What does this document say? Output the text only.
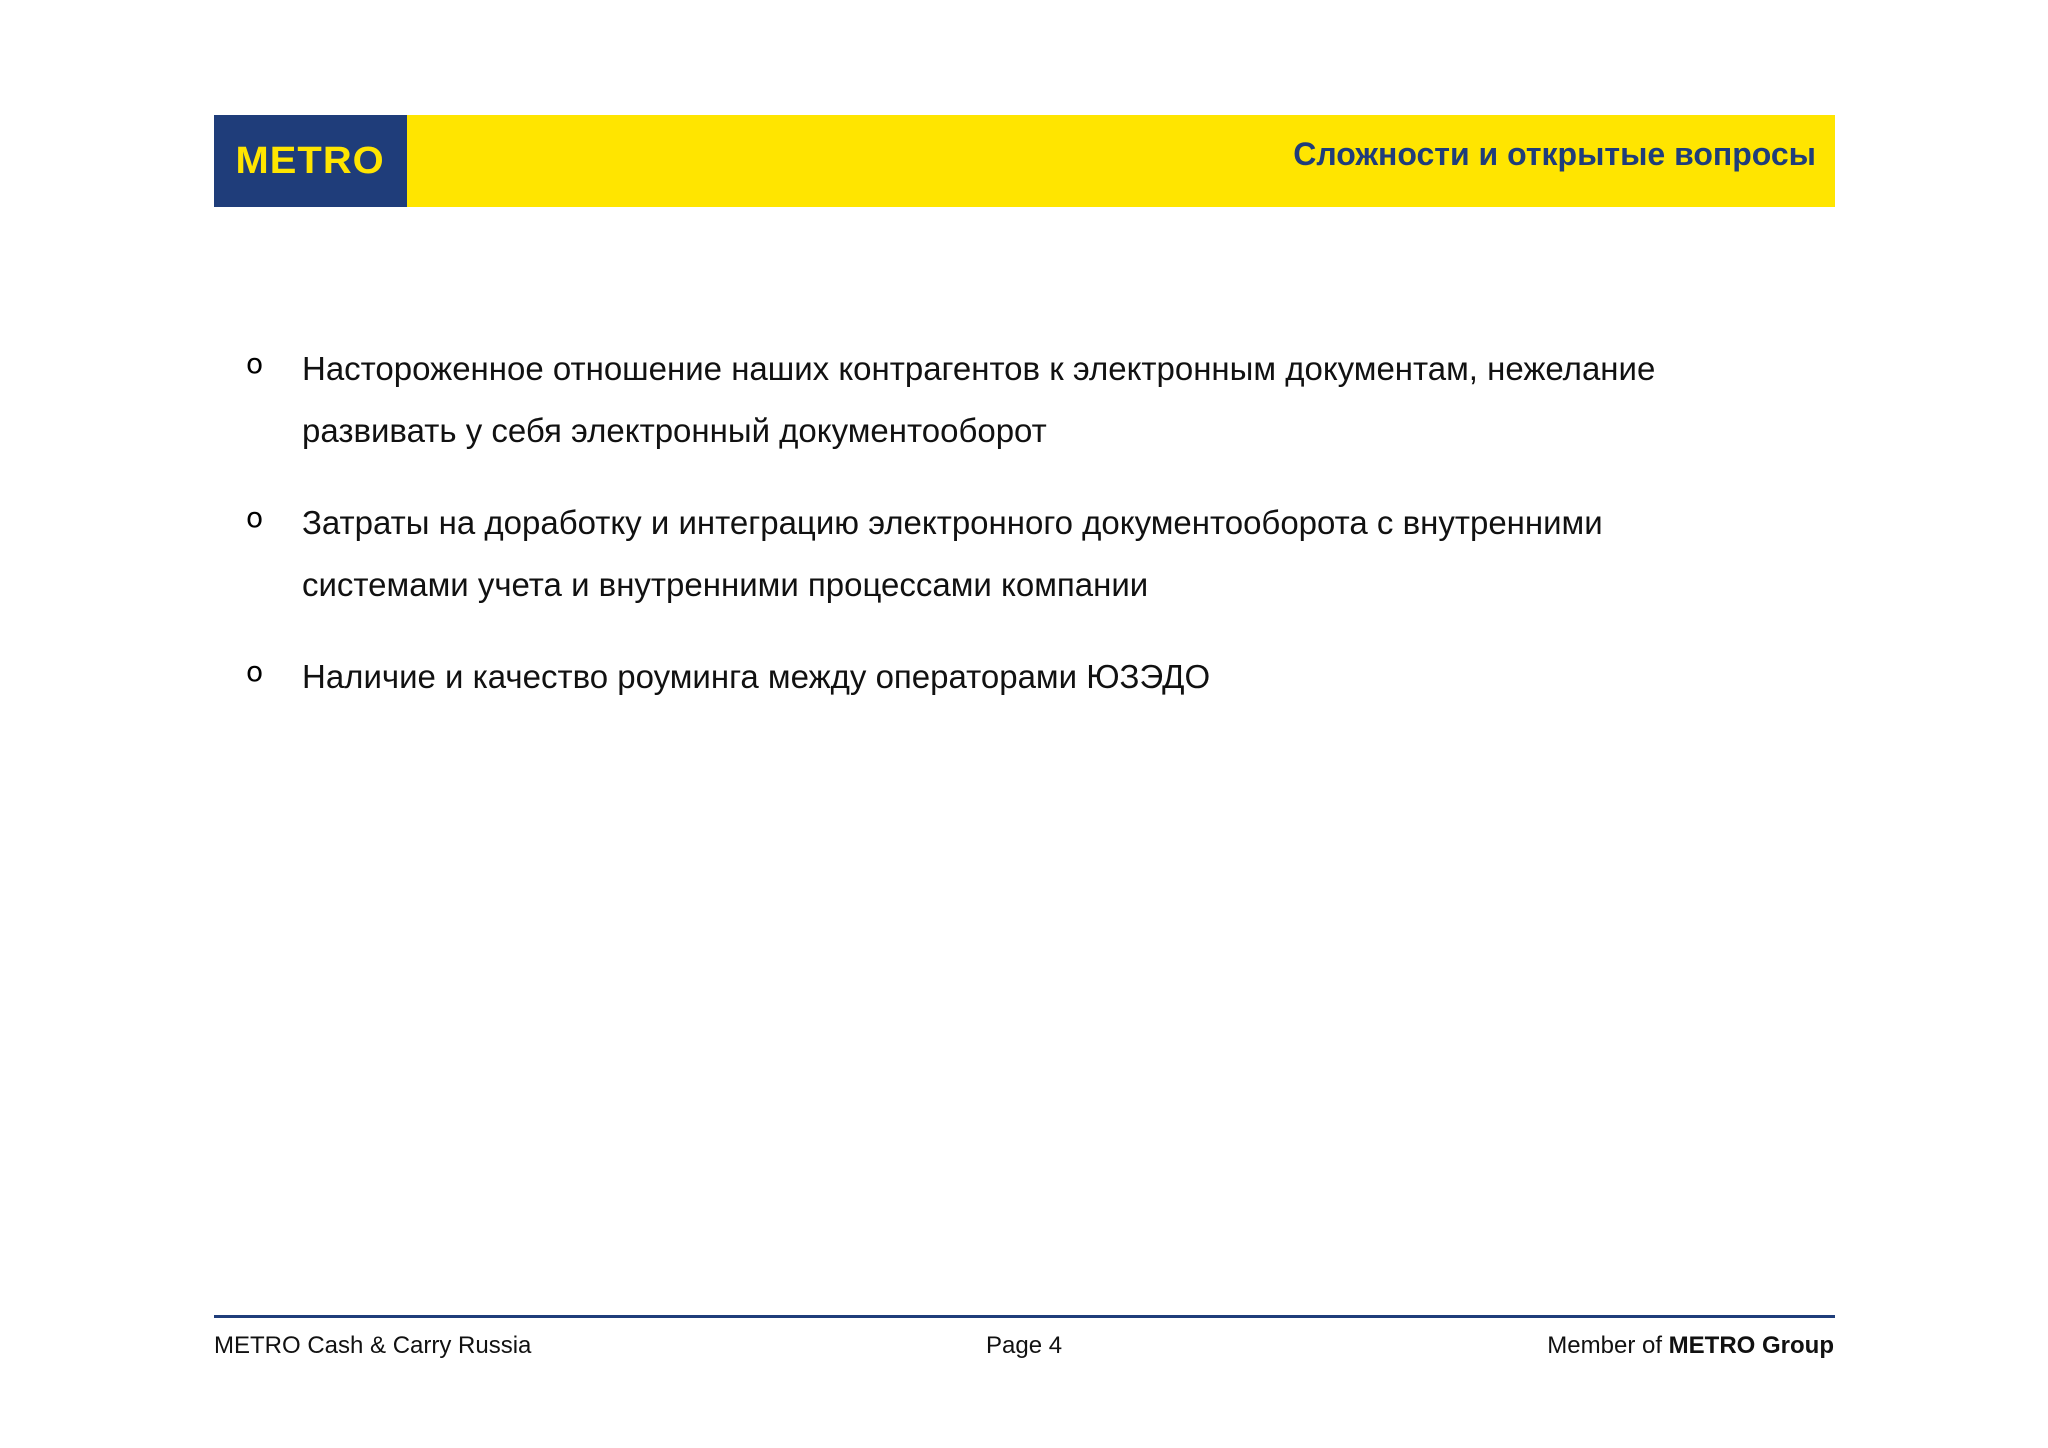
METRO	Сложности и открытые вопросы
o Настороженное отношение наших контрагентов к электронным документам, нежелание развивать у себя электронный документооборот
o Затраты на доработку и интеграцию электронного документооборота с внутренними системами учета и внутренними процессами компании
o Наличие и качество роуминга между операторами ЮЗЭДО
METRO Cash & Carry Russia	Page 4	Member of METRO Group
